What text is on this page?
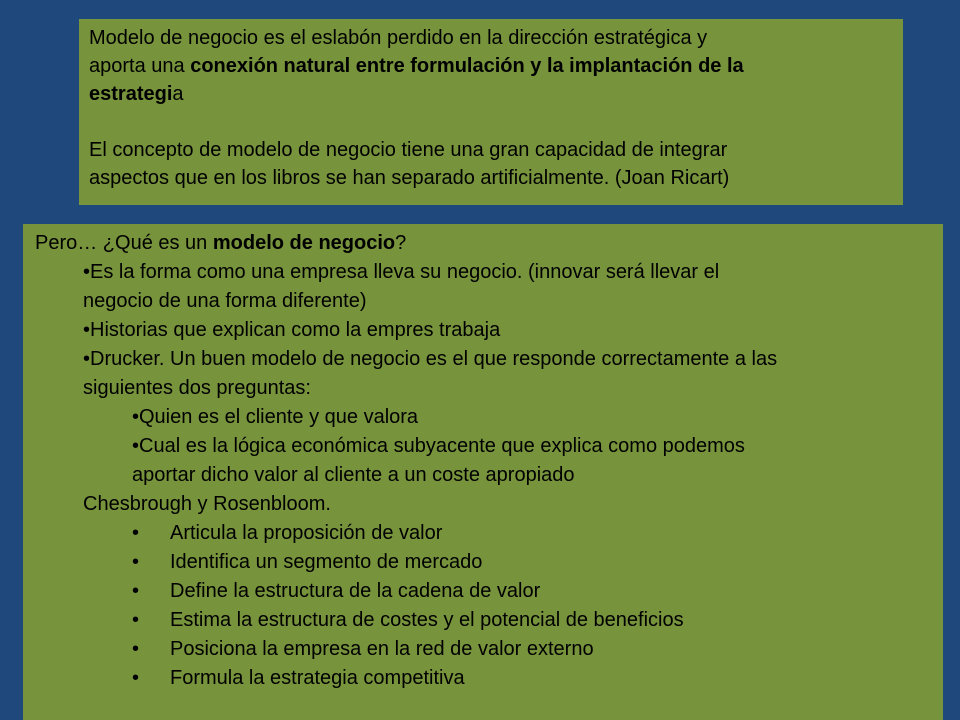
Modelo de negocio es el eslabón perdido en la dirección estratégica y
aporta una conexión natural entre formulación y la implantación de la
estrategia

El concepto de modelo de negocio tiene una gran capacidad de integrar
aspectos que en los libros se han separado artificialmente. (Joan Ricart)

Pero… ¿Qué es un modelo de negocio?
•Es la forma como una empresa lleva su negocio. (innovar será llevar el
negocio de una forma diferente)
•Historias que explican como la empres trabaja
•Drucker. Un buen modelo de negocio es el que responde correctamente a las
siguientes dos preguntas:
•Quien es el cliente y que valora
•Cual es la lógica económica subyacente que explica como podemos
aportar dicho valor al cliente a un coste apropiado
Chesbrough y Rosenbloom.
• Articula la proposición de valor
• Identifica un segmento de mercado
• Define la estructura de la cadena de valor
• Estima la estructura de costes y el potencial de beneficios
• Posiciona la empresa en la red de valor externo
• Formula la estrategia competitiva
